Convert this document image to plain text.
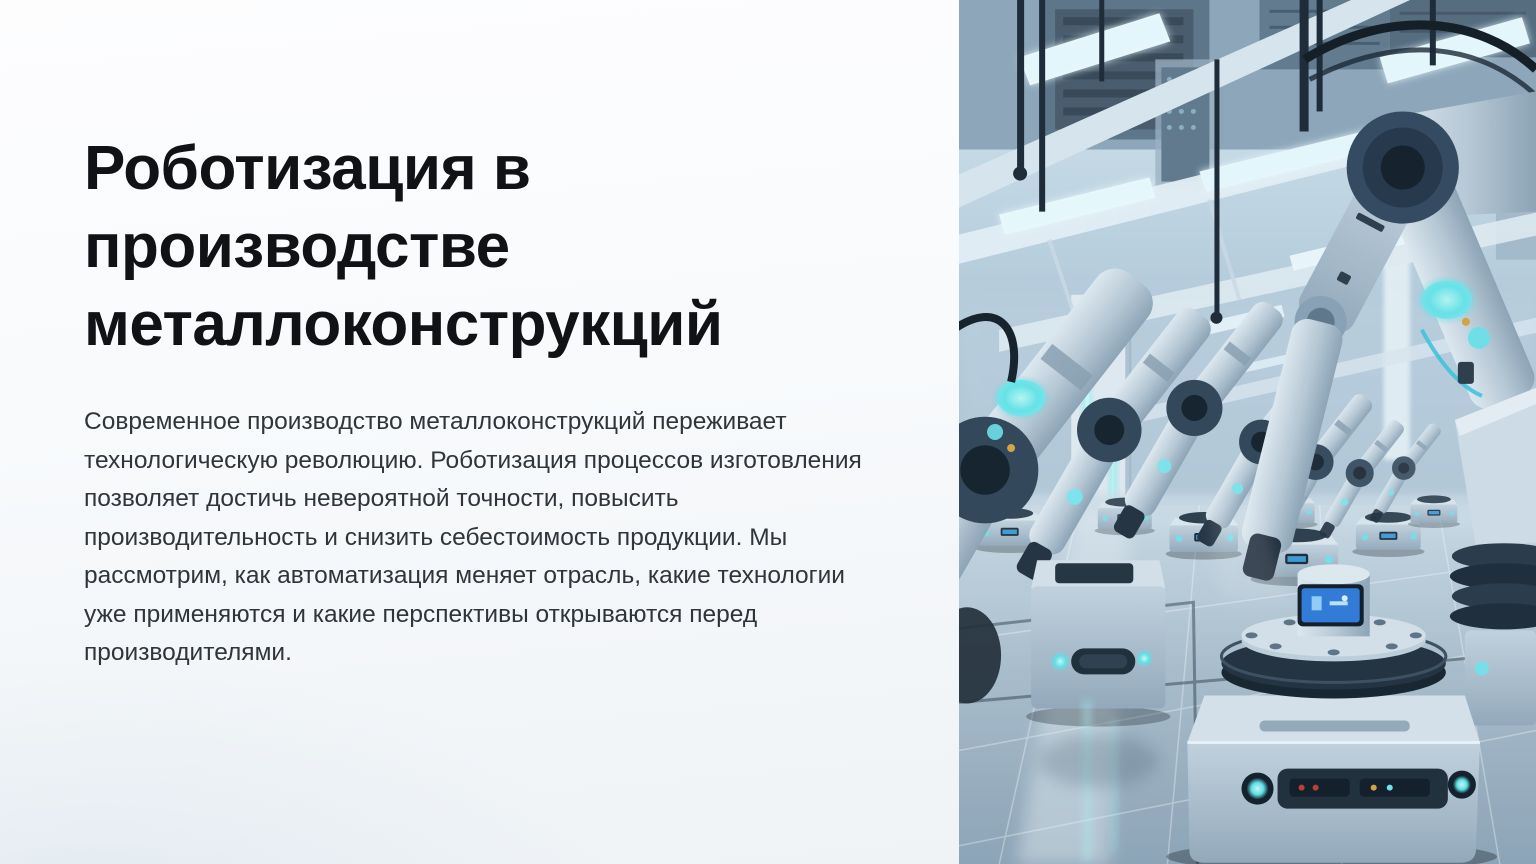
Роботизация в производстве металлоконструкций

Современное производство металлоконструкций переживает технологическую революцию. Роботизация процессов изготовления позволяет достичь невероятной точности, повысить производительность и снизить себестоимость продукции. Мы рассмотрим, как автоматизация меняет отрасль, какие технологии уже применяются и какие перспективы открываются перед производителями.
